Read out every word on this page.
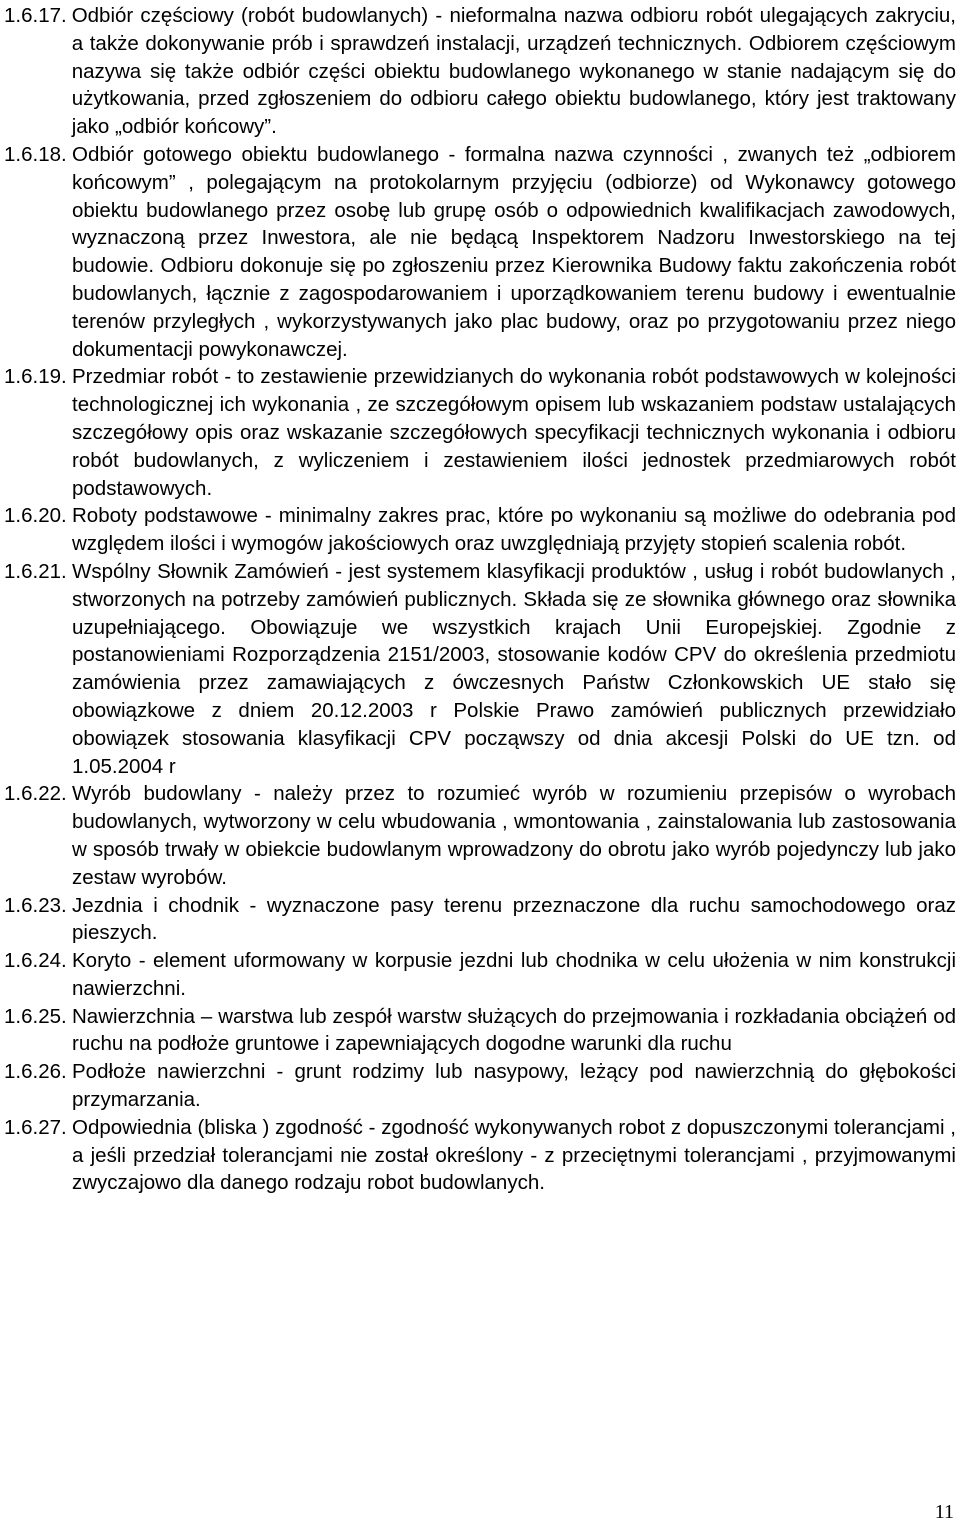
1.6.17. Odbiór częściowy (robót budowlanych) - nieformalna nazwa odbioru robót ulegających zakryciu, a także dokonywanie prób i sprawdzeń instalacji, urządzeń technicznych. Odbiorem częściowym nazywa się także odbiór części obiektu budowlanego wykonanego w stanie nadającym się do użytkowania, przed zgłoszeniem do odbioru całego obiektu budowlanego, który jest traktowany jako „odbiór końcowy”.
1.6.18. Odbiór gotowego obiektu budowlanego - formalna nazwa czynności , zwanych też „odbiorem końcowym” , polegającym na protokolarnym przyjęciu (odbiorze) od Wykonawcy gotowego obiektu budowlanego przez osobę lub grupę osób o odpowiednich kwalifikacjach zawodowych, wyznaczoną przez Inwestora, ale nie będącą Inspektorem Nadzoru Inwestorskiego na tej budowie. Odbioru dokonuje się po zgłoszeniu przez Kierownika Budowy faktu zakończenia robót budowlanych, łącznie z zagospodarowaniem i uporządkowaniem terenu budowy i ewentualnie terenów przyległych , wykorzystywanych jako plac budowy, oraz po przygotowaniu przez niego dokumentacji powykonawczej.
1.6.19. Przedmiar robót - to zestawienie przewidzianych do wykonania robót podstawowych w kolejności technologicznej ich wykonania , ze szczegółowym opisem lub wskazaniem podstaw ustalających szczegółowy opis oraz wskazanie szczegółowych specyfikacji technicznych wykonania i odbioru robót budowlanych, z wyliczeniem i zestawieniem ilości jednostek przedmiarowych robót podstawowych.
1.6.20. Roboty podstawowe - minimalny zakres prac, które po wykonaniu są możliwe do odebrania pod względem ilości i wymogów jakościowych oraz uwzględniają przyjęty stopień scalenia robót.
1.6.21. Wspólny Słownik Zamówień - jest systemem klasyfikacji produktów , usług i robót budowlanych , stworzonych na potrzeby zamówień publicznych. Składa się ze słownika głównego oraz słownika uzupełniającego. Obowiązuje we wszystkich krajach Unii Europejskiej. Zgodnie z postanowieniami Rozporządzenia 2151/2003, stosowanie kodów CPV do określenia przedmiotu zamówienia przez zamawiających z ówczesnych Państw Członkowskich UE stało się obowiązkowe z dniem 20.12.2003 r Polskie Prawo zamówień publicznych przewidziało obowiązek stosowania klasyfikacji CPV począwszy od dnia akcesji Polski do UE tzn. od 1.05.2004 r
1.6.22. Wyrób budowlany - należy przez to rozumieć wyrób w rozumieniu przepisów o wyrobach budowlanych, wytworzony w celu wbudowania , wmontowania , zainstalowania lub zastosowania w sposób trwały w obiekcie budowlanym wprowadzony do obrotu jako wyrób pojedynczy lub jako zestaw wyrobów.
1.6.23. Jezdnia i chodnik - wyznaczone pasy terenu przeznaczone dla ruchu samochodowego oraz pieszych.
1.6.24. Koryto - element uformowany w korpusie jezdni lub chodnika w celu ułożenia w nim konstrukcji nawierzchni.
1.6.25. Nawierzchnia – warstwa lub zespół warstw służących do przejmowania i rozkładania obciążeń od ruchu na podłoże gruntowe i zapewniających dogodne warunki dla ruchu
1.6.26. Podłoże nawierzchni - grunt rodzimy lub nasypowy, leżący pod nawierzchnią do głębokości przymarzania.
1.6.27. Odpowiednia (bliska ) zgodność - zgodność wykonywanych robot z dopuszczonymi tolerancjami , a jeśli przedział tolerancjami nie został określony - z przeciętnymi tolerancjami , przyjmowanymi zwyczajowo dla danego rodzaju robot budowlanych.
11
